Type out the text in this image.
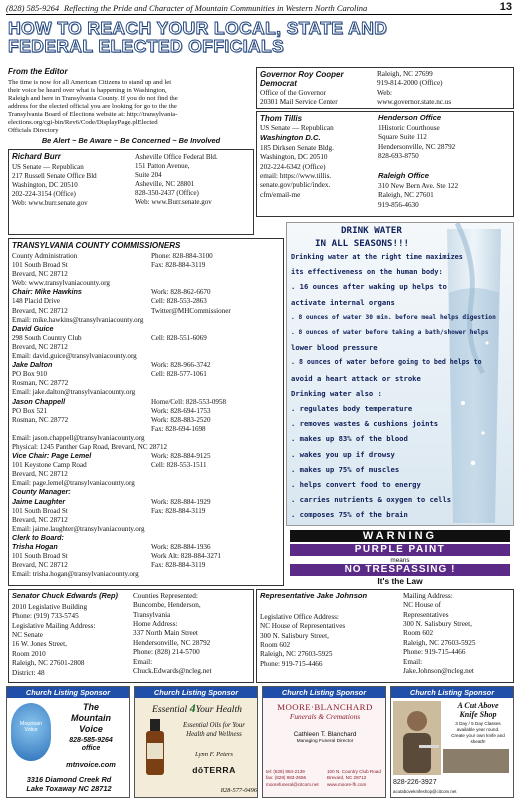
(828) 585-9264 Reflecting the Pride and Character of Mountain Communities in Western North Carolina	13
HOW TO REACH YOUR LOCAL, STATE AND
FEDERAL ELECTED OFFICIALS
From the Editor
The time is now for all American Citizens to stand up and let
their voice be heard over what is happening in Washington,
Raleigh and here in Transylvania County. If you do not find the
address for the elected official you are looking for go to the the
Transylvania Board of Elections website at: http://transylvania-
elections.org/cgi-bin/Rev6/Code/DisplayPage.plElected
Officials Directory
Be Alert ~ Be Aware ~ Be Concerned ~ Be Involved
Richard Burr
US Senate — Republican
217 Russell Senate Office Bld
Washington, DC 20510
202-224-3154 (Office)
Web: www.burr.senate.gov
Asheville Office Federal Bld.
151 Patton Avenue,
Suite 204
Asheville, NC 28801
828-350-2437 (Office)
Web: www.Burr.senate.gov
Governor Roy Cooper
Democrat
Office of the Governor
20301 Mail Service Center
Raleigh, NC 27699
919-814-2000 (Office)
Web:
www.governor.state.nc.us
Thom Tillis
US Senate — Republican
Washington D.C.
185 Dirksen Senate Bldg.
Washington, DC 20510
202-224-6342 (Office)
email: https://www.tillis.
senate.gov/public/index.
cfm/email-me
Henderson Office
1Historic Courthouse
Square Suite 112
Hendersonville, NC 28792
828-693-8750
Raleigh Office
310 New Bern Ave. Ste 122
Raleigh, NC 27601
919-856-4630
TRANSYLVANIA COUNTY COMMISSIONERS
County Administration	Phone: 828-884-3100
101 South Broad St	Fax: 828-884-3119
Brevard, NC 28712
Web: www.transylvaniacounty.org
Chair: Mike Hawkins	Work: 828-862-6670
148 Placid Drive	Cell: 828-553-2863
Brevard, NC 28712	Twitter@MHCommissioner
Email: mike.hawkins@transylvaniacounty.org
David Guice
298 South Country Club	Cell: 828-551-6069
Brevard, NC 28712
Email: david.guice@transylvaniacounty.org
Jake Dalton	Work: 828-966-3742
PO Box 910	Cell: 828-577-1061
Rosman, NC 28772
Email: jake.dalton@transylvaniacounty.org
Jason Chappell	Home/Cell: 828-553-0958
PO Box 521	Work: 828-694-1753
Rosman, NC 28772	Work: 828-883-2520
Fax: 828-694-1698
Email: jason.chappell@transylvaniacounty.org
Physical: 1245 Panther Gap Road, Brevard, NC 28712
Vice Chair: Page Lemel	Work: 828-884-9125
101 Keystone Camp Road	Cell: 828-553-1511
Brevard, NC 28712
Email: page.lemel@transylvaniacounty.org
County Manager:
Jaime Laughter	Work: 828-884-1929
101 South Broad St	Fax: 828-884-3119
Brevard, NC 28712
Email: jaime.laughter@transylvaniacounty.org
Clerk to Board:
Trisha Hogan	Work: 828-884-1936
101 South Broad St	Work Alt: 828-884-3271
Brevard, NC 28712	Fax: 828-884-3119
Email: trisha.hogan@transylvaniacounty.org
DRINK WATER
IN ALL SEASONS!!!
Drinking water at the right time maximizes
its effectiveness on the human body:
. 16 ounces after waking up helps to
activate internal organs
. 8 ounces of water 30 min. before meal helps digestion
. 8 ounces of water before taking a bath/shower helps
lower blood pressure
. 8 ounces of water before going to bed helps to
avoid a heart attack or stroke
Drinking water also :
. regulates body temperature
. removes wastes & cushions joints
. makes up 83% of the blood
. wakes you up if drowsy
. makes up 75% of muscles
. helps convert food to energy
. carries nutrients & oxygen to cells
. composes 75% of the brain
WARNING
PURPLE PAINT
means
NO TRESPASSING !
It's the Law
Senator Chuck Edwards (Rep)
2010 Legislative Building
Phone: (919) 733-5745
Legislative Mailing Address:
NC Senate
16 W. Jones Street,
Room 2010
Raleigh, NC 27601-2808
District: 48
Counties Represented:
Buncombe, Henderson,
Transylvania
Home Address:
337 North Main Street
Hendersonville, NC 28792
Phone: (828) 214-5700
Email:
Chuck.Edwards@ncleg.net
Representative Jake Johnson
Legislative Office Address:
NC House of Representatives
300 N. Salisbury Street,
Room 602
Raleigh, NC 27603-5925
Phone: 919-715-4466
Mailing Address:
NC House of
Representatives
300 N. Salisbury Street,
Room 602
Raleigh, NC 27603-5925
Phone: 919-715-4466
Email:
Jake.Johnson@ncleg.net
Church Listing Sponsor
Mountain
Voice
The
Mountain
Voice
828-585-9264
office
mtnvoice.com
3316 Diamond Creek Rd
Lake Toxaway NC 28712
Church Listing Sponsor
Essential 4Your Health
Essential Oils for Your
Health and Wellness
Lynn F. Peters
dōTERRA
828-577-0496
Church Listing Sponsor
MOORE·BLANCHARD
Funerals & Cremations
Cathleen T. Blanchard
Managing Funeral Director
tel: (828) 884-2139
fax: (828) 883-2656
moorefuneral@citcom.net
100 N. Country Club Road
Brevard, NC 28712
www.moore-fh.com
Church Listing Sponsor
A Cut Above
Knife Shop
3 Day / 5 Day Classes
available year round.
Create your own knife and
sheath!
828-226-3927
acutaboveknifeshop@citcom.net
